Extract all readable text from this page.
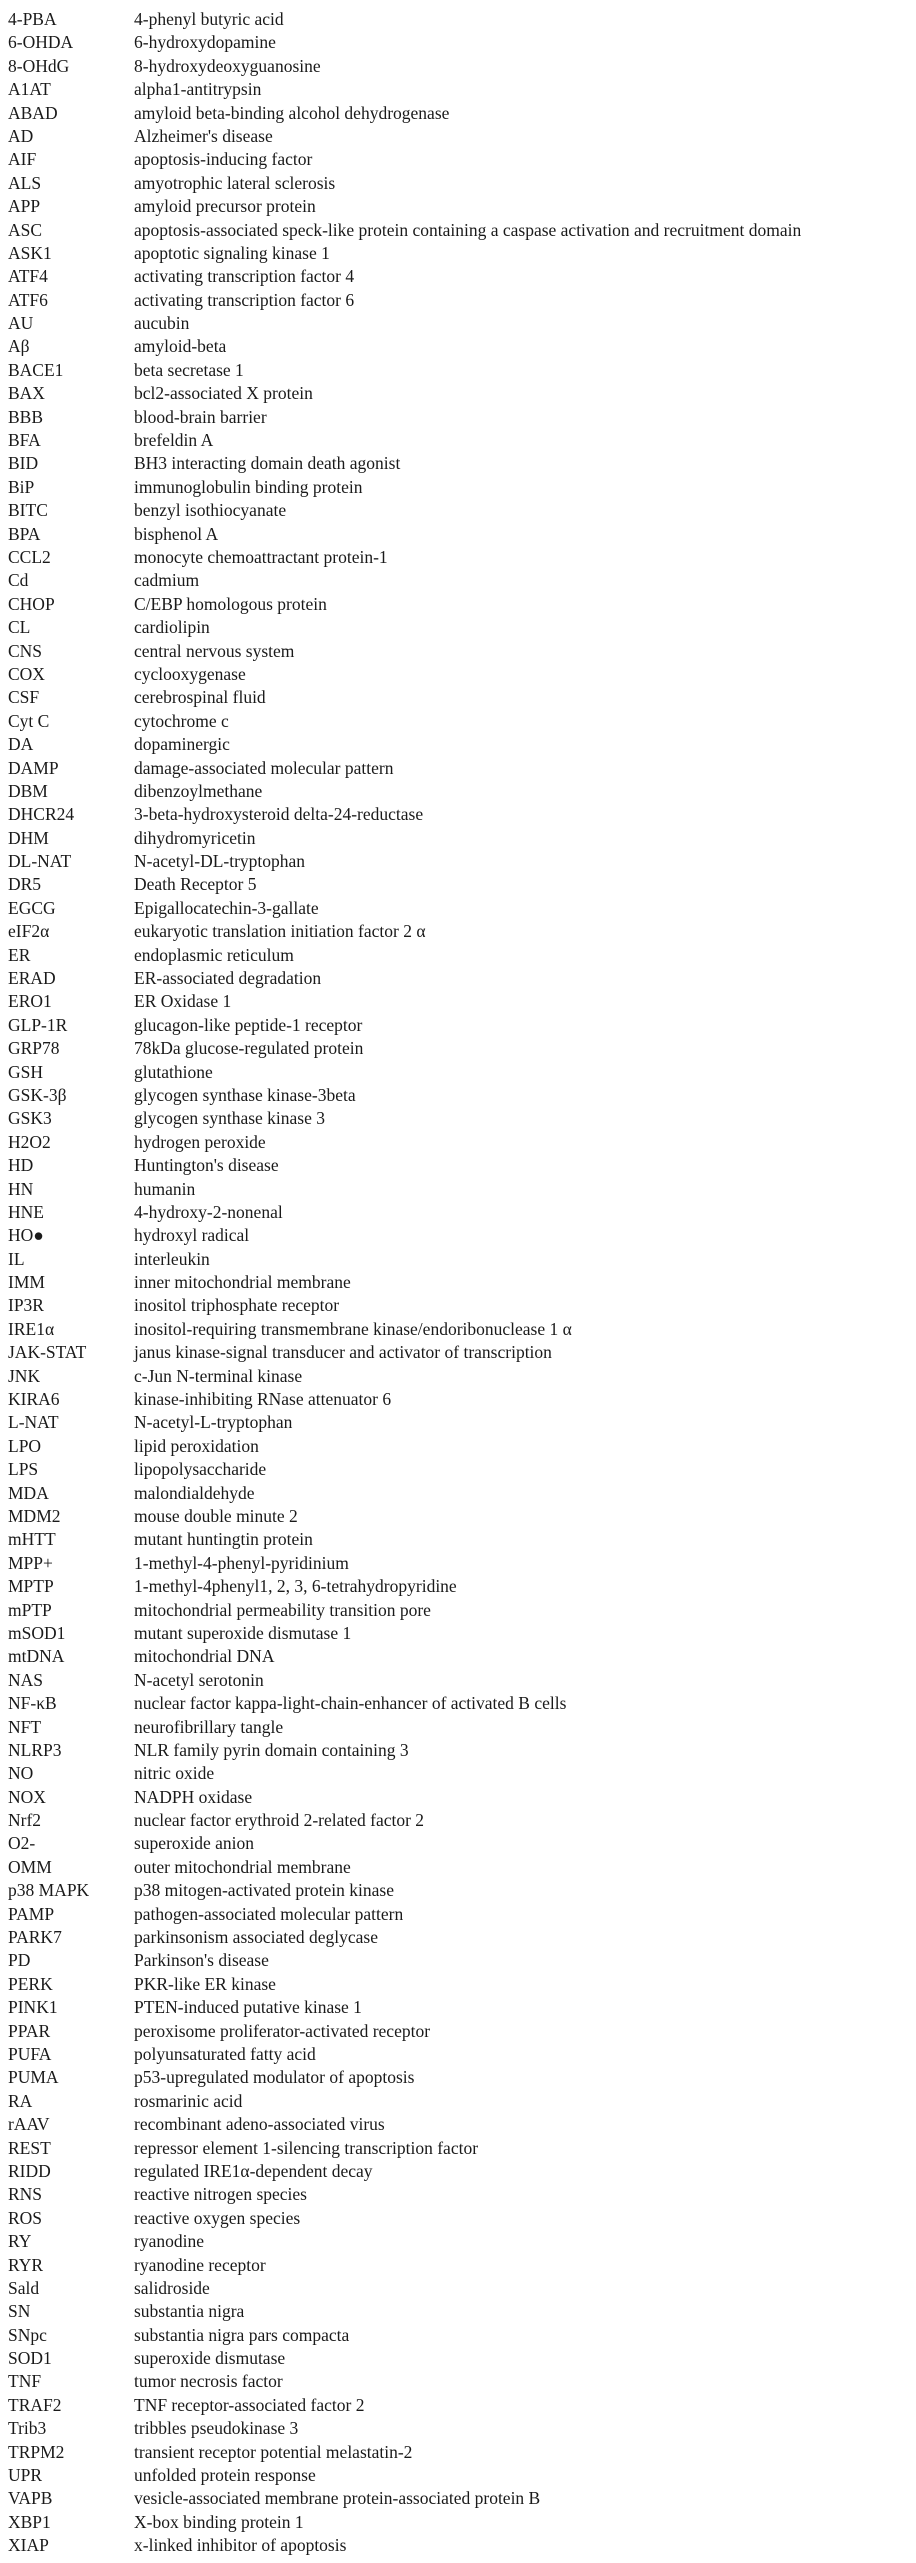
4-PBA	4-phenyl butyric acid
6-OHDA	6-hydroxydopamine
8-OHdG	8-hydroxydeoxyguanosine
A1AT	alpha1-antitrypsin
ABAD	amyloid beta-binding alcohol dehydrogenase
AD	Alzheimer's disease
AIF	apoptosis-inducing factor
ALS	amyotrophic lateral sclerosis
APP	amyloid precursor protein
ASC	apoptosis-associated speck-like protein containing a caspase activation and recruitment domain
ASK1	apoptotic signaling kinase 1
ATF4	activating transcription factor 4
ATF6	activating transcription factor 6
AU	aucubin
Aβ	amyloid-beta
BACE1	beta secretase 1
BAX	bcl2-associated X protein
BBB	blood-brain barrier
BFA	brefeldin A
BID	BH3 interacting domain death agonist
BiP	immunoglobulin binding protein
BITC	benzyl isothiocyanate
BPA	bisphenol A
CCL2	monocyte chemoattractant protein-1
Cd	cadmium
CHOP	C/EBP homologous protein
CL	cardiolipin
CNS	central nervous system
COX	cyclooxygenase
CSF	cerebrospinal fluid
Cyt C	cytochrome c
DA	dopaminergic
DAMP	damage-associated molecular pattern
DBM	dibenzoylmethane
DHCR24	3-beta-hydroxysteroid delta-24-reductase
DHM	dihydromyricetin
DL-NAT	N-acetyl-DL-tryptophan
DR5	Death Receptor 5
EGCG	Epigallocatechin-3-gallate
eIF2α	eukaryotic translation initiation factor 2 α
ER	endoplasmic reticulum
ERAD	ER-associated degradation
ERO1	ER Oxidase 1
GLP-1R	glucagon-like peptide-1 receptor
GRP78	78kDa glucose-regulated protein
GSH	glutathione
GSK-3β	glycogen synthase kinase-3beta
GSK3	glycogen synthase kinase 3
H2O2	hydrogen peroxide
HD	Huntington's disease
HN	humanin
HNE	4-hydroxy-2-nonenal
HO●	hydroxyl radical
IL	interleukin
IMM	inner mitochondrial membrane
IP3R	inositol triphosphate receptor
IRE1α	inositol-requiring transmembrane kinase/endoribonuclease 1 α
JAK-STAT	janus kinase-signal transducer and activator of transcription
JNK	c-Jun N-terminal kinase
KIRA6	kinase-inhibiting RNase attenuator 6
L-NAT	N-acetyl-L-tryptophan
LPO	lipid peroxidation
LPS	lipopolysaccharide
MDA	malondialdehyde
MDM2	mouse double minute 2
mHTT	mutant huntingtin protein
MPP+	1-methyl-4-phenyl-pyridinium
MPTP	1-methyl-4phenyl1, 2, 3, 6-tetrahydropyridine
mPTP	mitochondrial permeability transition pore
mSOD1	mutant superoxide dismutase 1
mtDNA	mitochondrial DNA
NAS	N-acetyl serotonin
NF-κB	nuclear factor kappa-light-chain-enhancer of activated B cells
NFT	neurofibrillary tangle
NLRP3	NLR family pyrin domain containing 3
NO	nitric oxide
NOX	NADPH oxidase
Nrf2	nuclear factor erythroid 2-related factor 2
O2-	superoxide anion
OMM	outer mitochondrial membrane
p38 MAPK	p38 mitogen-activated protein kinase
PAMP	pathogen-associated molecular pattern
PARK7	parkinsonism associated deglycase
PD	Parkinson's disease
PERK	PKR-like ER kinase
PINK1	PTEN-induced putative kinase 1
PPAR	peroxisome proliferator-activated receptor
PUFA	polyunsaturated fatty acid
PUMA	p53-upregulated modulator of apoptosis
RA	rosmarinic acid
rAAV	recombinant adeno-associated virus
REST	repressor element 1-silencing transcription factor
RIDD	regulated IRE1α-dependent decay
RNS	reactive nitrogen species
ROS	reactive oxygen species
RY	ryanodine
RYR	ryanodine receptor
Sald	salidroside
SN	substantia nigra
SNpc	substantia nigra pars compacta
SOD1	superoxide dismutase
TNF	tumor necrosis factor
TRAF2	TNF receptor-associated factor 2
Trib3	tribbles pseudokinase 3
TRPM2	transient receptor potential melastatin-2
UPR	unfolded protein response
VAPB	vesicle-associated membrane protein-associated protein B
XBP1	X-box binding protein 1
XIAP	x-linked inhibitor of apoptosis
